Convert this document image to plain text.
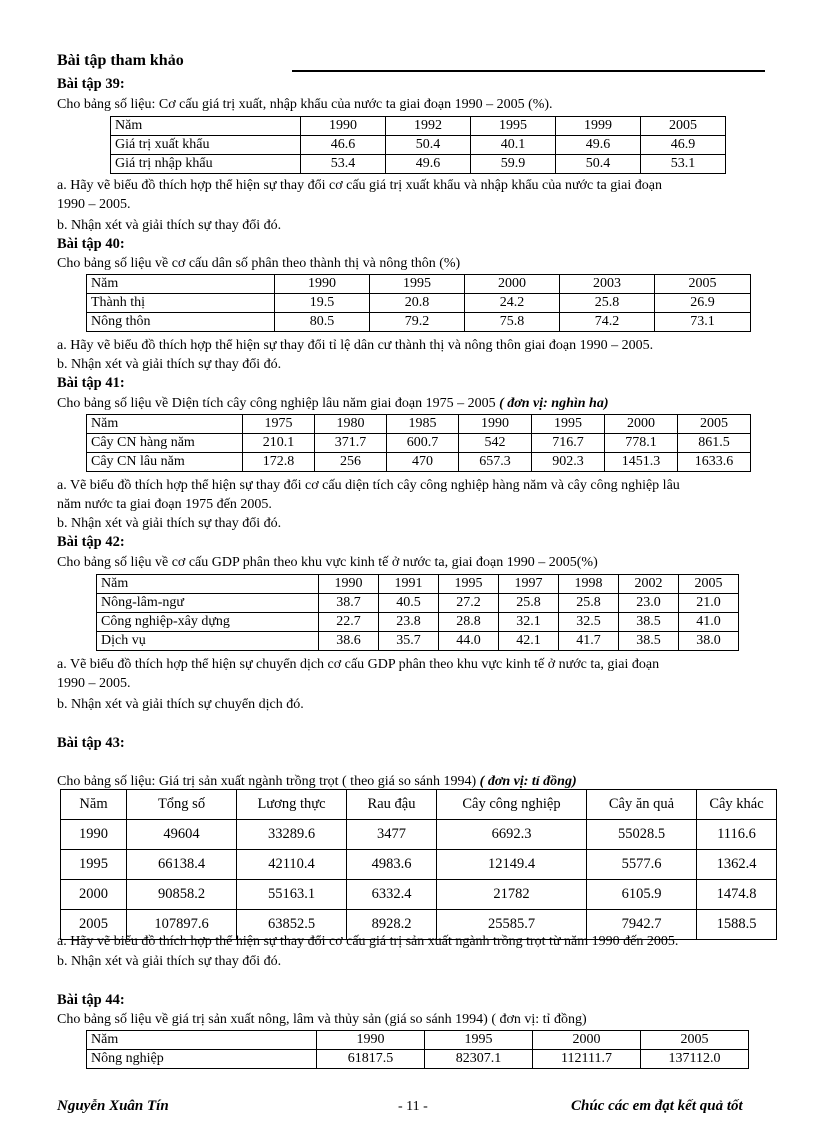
Bài tập tham khảo
Bài tập 39:
Cho bảng số liệu: Cơ cấu giá trị xuất, nhập khẩu của nước ta giai đoạn 1990 – 2005 (%).
Năm	1990	1992	1995	1999	2005
Giá trị xuất khẩu	46.6	50.4	40.1	49.6	46.9
Giá trị nhập khẩu	53.4	49.6	59.9	50.4	53.1
a. Hãy vẽ biểu đồ thích hợp thể hiện sự thay đổi cơ cấu giá trị xuất khẩu và nhập khẩu của nước ta giai đoạn
1990 – 2005.
b. Nhận xét và giải thích sự thay đổi đó.
Bài tập 40:
Cho bảng số liệu về cơ cấu dân số phân theo thành thị và nông thôn (%)
Năm	1990	1995	2000	2003	2005
Thành thị	19.5	20.8	24.2	25.8	26.9
Nông thôn	80.5	79.2	75.8	74.2	73.1
a. Hãy vẽ biểu đồ thích hợp thể hiện sự thay đổi tỉ lệ dân cư thành thị và nông thôn giai đoạn 1990 – 2005.
b. Nhận xét và giải thích sự thay đổi đó.
Bài tập 41:
Cho bảng số liệu về Diện tích cây công nghiệp lâu năm giai đoạn 1975 – 2005 ( đơn vị: nghìn ha)
Năm	1975	1980	1985	1990	1995	2000	2005
Cây CN hàng năm	210.1	371.7	600.7	542	716.7	778.1	861.5
Cây CN lâu năm	172.8	256	470	657.3	902.3	1451.3	1633.6
a. Vẽ biểu đồ thích hợp thể hiện sự thay đổi cơ cấu diện tích cây công nghiệp hàng năm và cây công nghiệp lâu
năm nước ta giai đoạn 1975 đến 2005.
b. Nhận xét và giải thích sự thay đổi đó.
Bài tập 42:
Cho bảng số liệu về cơ cấu GDP phân theo khu vực kinh tế ở nước ta, giai đoạn 1990 – 2005(%)
Năm	1990	1991	1995	1997	1998	2002	2005
Nông-lâm-ngư	38.7	40.5	27.2	25.8	25.8	23.0	21.0
Công nghiệp-xây dựng	22.7	23.8	28.8	32.1	32.5	38.5	41.0
Dịch vụ	38.6	35.7	44.0	42.1	41.7	38.5	38.0
a. Vẽ biểu đồ thích hợp thể hiện sự chuyển dịch cơ cấu GDP phân theo khu vực kinh tế ở nước ta, giai đoạn
1990 – 2005.
b. Nhận xét và giải thích sự chuyển dịch đó.
Bài tập 43:
Cho bảng số liệu: Giá trị sản xuất ngành trồng trọt ( theo giá so sánh 1994) ( đơn vị: tỉ đồng)
Năm	Tổng số	Lương thực	Rau đậu	Cây công nghiệp	Cây ăn quả	Cây khác
1990	49604	33289.6	3477	6692.3	55028.5	1116.6
1995	66138.4	42110.4	4983.6	12149.4	5577.6	1362.4
2000	90858.2	55163.1	6332.4	21782	6105.9	1474.8
2005	107897.6	63852.5	8928.2	25585.7	7942.7	1588.5
a. Hãy vẽ biểu đồ thích hợp thể hiện sự thay đổi cơ cấu giá trị sản xuất ngành trồng trọt từ năm 1990 đến 2005.
b. Nhận xét và giải thích sự thay đổi đó.
Bài tập 44:
Cho bảng số liệu về giá trị sản xuất nông, lâm và thủy sản (giá so sánh 1994) ( đơn vị: tỉ đồng)
Năm	1990	1995	2000	2005
Nông nghiệp	61817.5	82307.1	112111.7	137112.0
Nguyễn Xuân Tín	- 11 -	Chúc các em đạt kết quả tốt
